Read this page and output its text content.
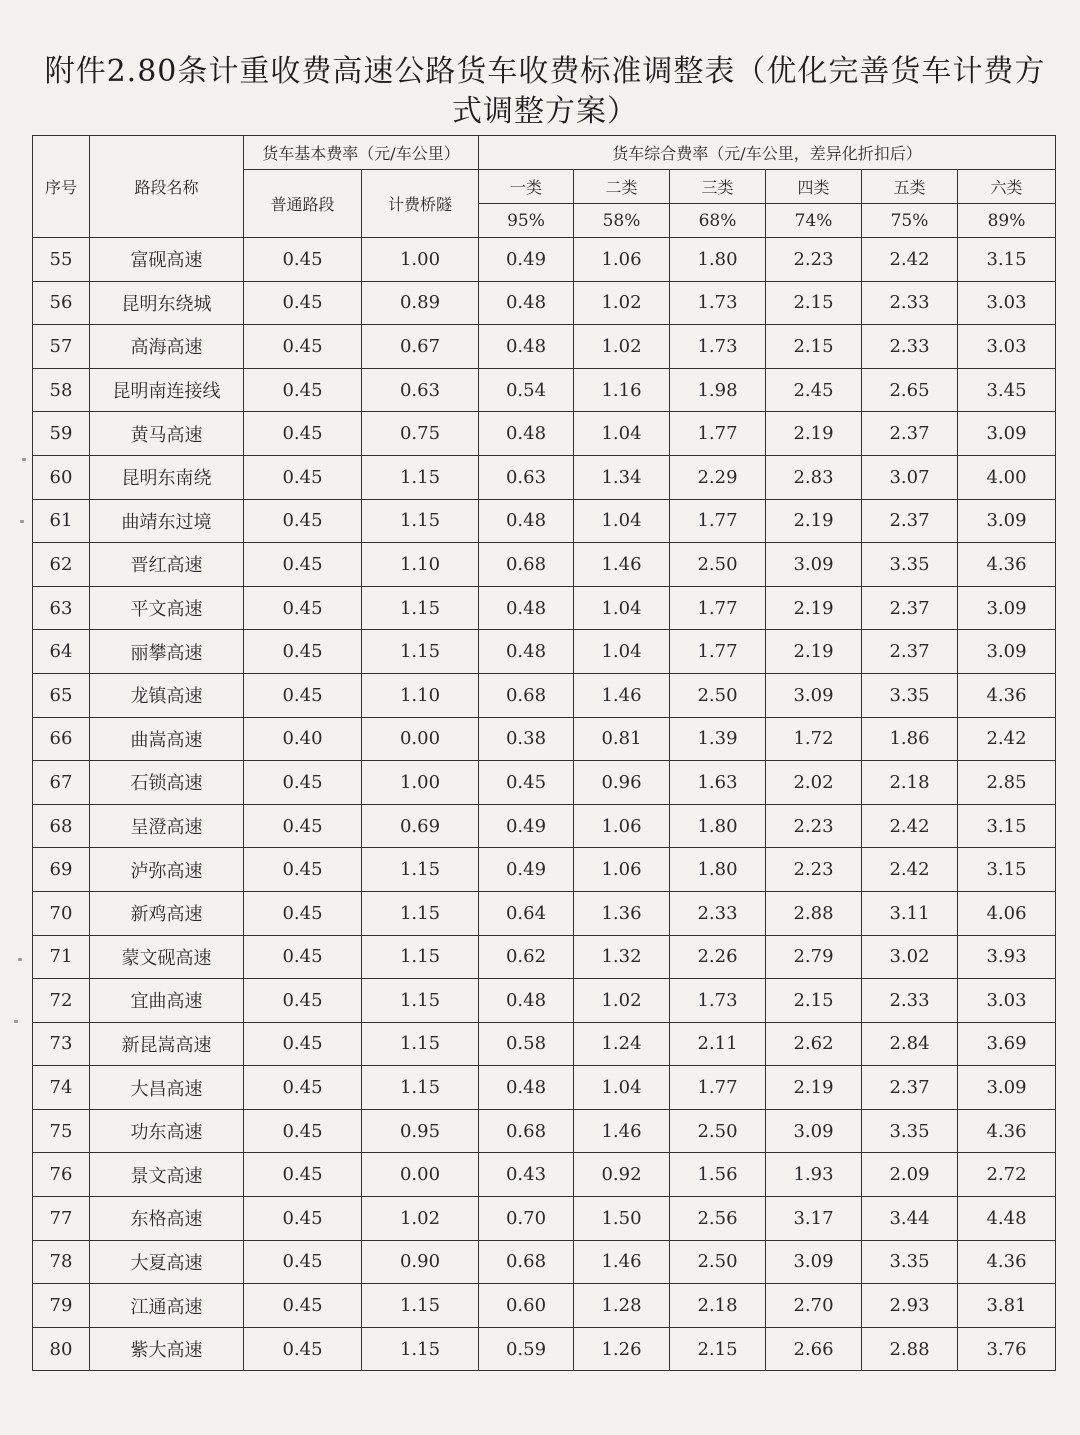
附件2.80条计重收费高速公路货车收费标准调整表（优化完善货车计费方式调整方案）
序号	路段名称	货车基本费率（元/车公里）		货车综合费率（元/车公里，差异化折扣后）					
		普通路段	计费桥隧	一类	二类	三类	四类	五类	六类
				95%	58%	68%	74%	75%	89%
55	富砚高速	0.45	1.00	0.49	1.06	1.80	2.23	2.42	3.15
56	昆明东绕城	0.45	0.89	0.48	1.02	1.73	2.15	2.33	3.03
57	高海高速	0.45	0.67	0.48	1.02	1.73	2.15	2.33	3.03
58	昆明南连接线	0.45	0.63	0.54	1.16	1.98	2.45	2.65	3.45
59	黄马高速	0.45	0.75	0.48	1.04	1.77	2.19	2.37	3.09
60	昆明东南绕	0.45	1.15	0.63	1.34	2.29	2.83	3.07	4.00
61	曲靖东过境	0.45	1.15	0.48	1.04	1.77	2.19	2.37	3.09
62	晋红高速	0.45	1.10	0.68	1.46	2.50	3.09	3.35	4.36
63	平文高速	0.45	1.15	0.48	1.04	1.77	2.19	2.37	3.09
64	丽攀高速	0.45	1.15	0.48	1.04	1.77	2.19	2.37	3.09
65	龙镇高速	0.45	1.10	0.68	1.46	2.50	3.09	3.35	4.36
66	曲嵩高速	0.40	0.00	0.38	0.81	1.39	1.72	1.86	2.42
67	石锁高速	0.45	1.00	0.45	0.96	1.63	2.02	2.18	2.85
68	呈澄高速	0.45	0.69	0.49	1.06	1.80	2.23	2.42	3.15
69	泸弥高速	0.45	1.15	0.49	1.06	1.80	2.23	2.42	3.15
70	新鸡高速	0.45	1.15	0.64	1.36	2.33	2.88	3.11	4.06
71	蒙文砚高速	0.45	1.15	0.62	1.32	2.26	2.79	3.02	3.93
72	宜曲高速	0.45	1.15	0.48	1.02	1.73	2.15	2.33	3.03
73	新昆嵩高速	0.45	1.15	0.58	1.24	2.11	2.62	2.84	3.69
74	大昌高速	0.45	1.15	0.48	1.04	1.77	2.19	2.37	3.09
75	功东高速	0.45	0.95	0.68	1.46	2.50	3.09	3.35	4.36
76	景文高速	0.45	0.00	0.43	0.92	1.56	1.93	2.09	2.72
77	东格高速	0.45	1.02	0.70	1.50	2.56	3.17	3.44	4.48
78	大夏高速	0.45	0.90	0.68	1.46	2.50	3.09	3.35	4.36
79	江通高速	0.45	1.15	0.60	1.28	2.18	2.70	2.93	3.81
80	紫大高速	0.45	1.15	0.59	1.26	2.15	2.66	2.88	3.76
